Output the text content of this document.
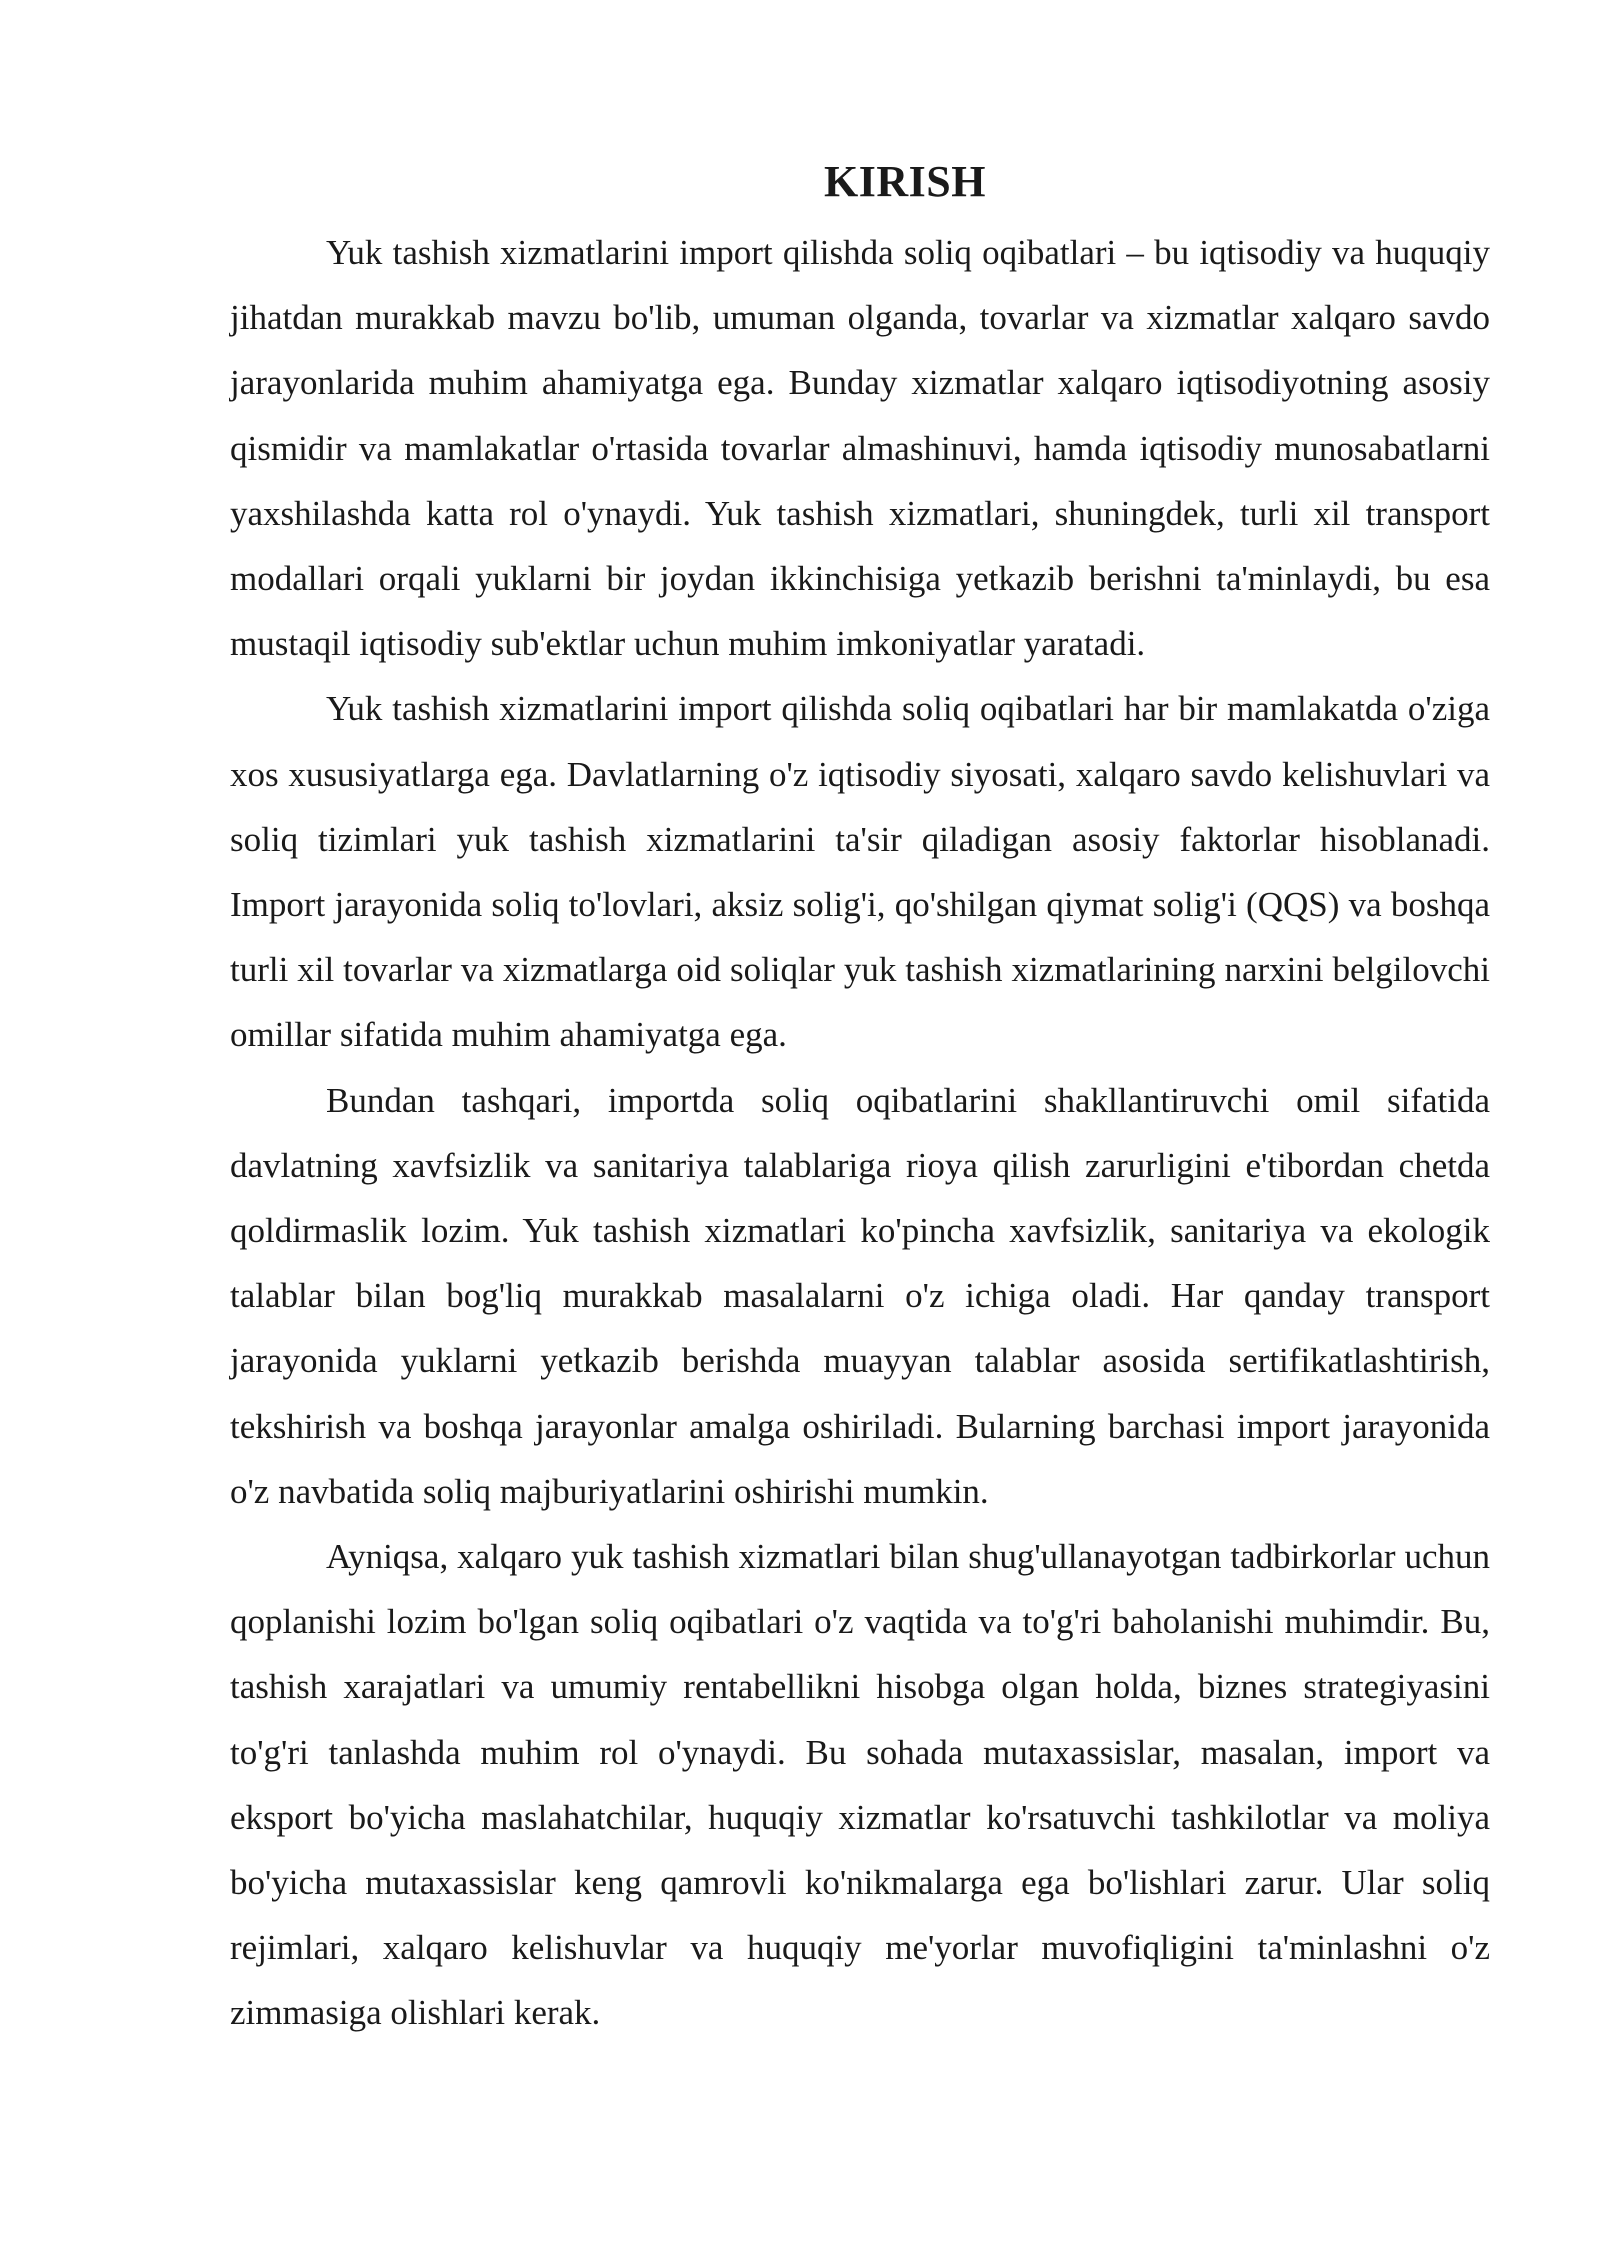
KIRISH

Yuk tashish xizmatlarini import qilishda soliq oqibatlari – bu iqtisodiy va huquqiy jihatdan murakkab mavzu bo'lib, umuman olganda, tovarlar va xizmatlar xalqaro savdo jarayonlarida muhim ahamiyatga ega. Bunday xizmatlar xalqaro iqtisodiyotning asosiy qismidir va mamlakatlar o'rtasida tovarlar almashinuvi, hamda iqtisodiy munosabatlarni yaxshilashda katta rol o'ynaydi. Yuk tashish xizmatlari, shuningdek, turli xil transport modallari orqali yuklarni bir joydan ikkinchisiga yetkazib berishni ta'minlaydi, bu esa mustaqil iqtisodiy sub'ektlar uchun muhim imkoniyatlar yaratadi.

Yuk tashish xizmatlarini import qilishda soliq oqibatlari har bir mamlakatda o'ziga xos xususiyatlarga ega. Davlatlarning o'z iqtisodiy siyosati, xalqaro savdo kelishuvlari va soliq tizimlari yuk tashish xizmatlarini ta'sir qiladigan asosiy faktorlar hisoblanadi. Import jarayonida soliq to'lovlari, aksiz solig'i, qo'shilgan qiymat solig'i (QQS) va boshqa turli xil tovarlar va xizmatlarga oid soliqlar yuk tashish xizmatlarining narxini belgilovchi omillar sifatida muhim ahamiyatga ega.

Bundan tashqari, importda soliq oqibatlarini shakllantiruvchi omil sifatida davlatning xavfsizlik va sanitariya talablariga rioya qilish zarurligini e'tibordan chetda qoldirmaslik lozim. Yuk tashish xizmatlari ko'pincha xavfsizlik, sanitariya va ekologik talablar bilan bog'liq murakkab masalalarni o'z ichiga oladi. Har qanday transport jarayonida yuklarni yetkazib berishda muayyan talablar asosida sertifikatlashtirish, tekshirish va boshqa jarayonlar amalga oshiriladi. Bularning barchasi import jarayonida o'z navbatida soliq majburiyatlarini oshirishi mumkin.

Ayniqsa, xalqaro yuk tashish xizmatlari bilan shug'ullanayotgan tadbirkorlar uchun qoplanishi lozim bo'lgan soliq oqibatlari o'z vaqtida va to'g'ri baholanishi muhimdir. Bu, tashish xarajatlari va umumiy rentabellikni hisobga olgan holda, biznes strategiyasini to'g'ri tanlashda muhim rol o'ynaydi. Bu sohada mutaxassislar, masalan, import va eksport bo'yicha maslahatchilar, huquqiy xizmatlar ko'rsatuvchi tashkilotlar va moliya bo'yicha mutaxassislar keng qamrovli ko'nikmalarga ega bo'lishlari zarur. Ular soliq rejimlari, xalqaro kelishuvlar va huquqiy me'yorlar muvofiqligini ta'minlashni o'z zimmasiga olishlari kerak.
